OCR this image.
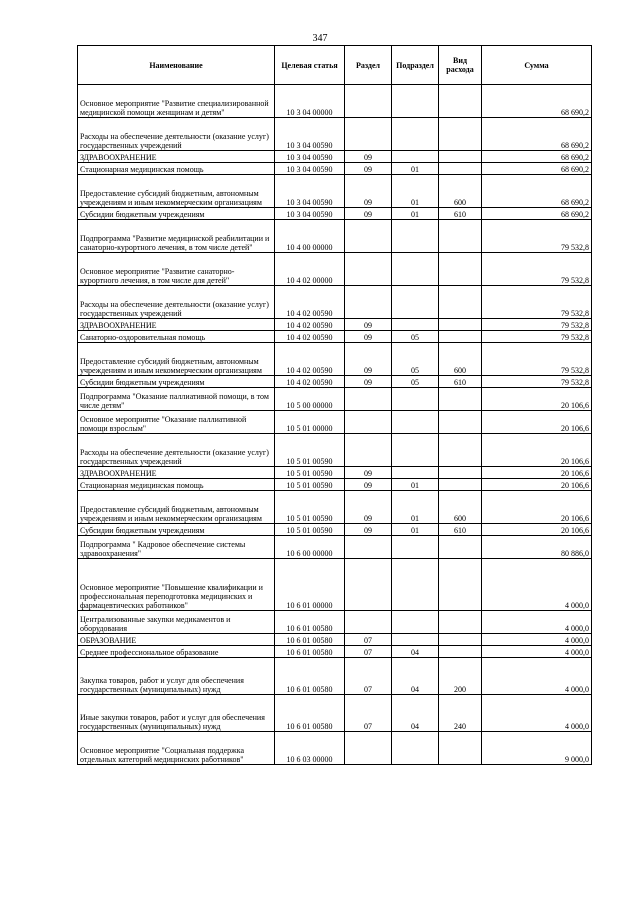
347
Наименование	Целевая статья	Раздел	Подраздел	Вид расхода	Сумма
Основное мероприятие "Развитие специализированной медицинской помощи женщинам и детям"	10 3 04 00000				68 690,2
Расходы на обеспечение деятельности (оказание услуг) государственных учреждений	10 3 04 00590				68 690,2
ЗДРАВООХРАНЕНИЕ	10 3 04 00590	09			68 690,2
Стационарная медицинская помощь	10 3 04 00590	09	01		68 690,2
Предоставление субсидий бюджетным, автономным учреждениям и иным некоммерческим организациям	10 3 04 00590	09	01	600	68 690,2
Субсидии бюджетным учреждениям	10 3 04 00590	09	01	610	68 690,2
Подпрограмма "Развитие медицинской реабилитации и санаторно-курортного лечения, в том числе детей"	10 4 00 00000				79 532,8
Основное мероприятие "Развитие санаторно-курортного лечения, в том числе для детей"	10 4 02 00000				79 532,8
Расходы на обеспечение деятельности (оказание услуг) государственных учреждений	10 4 02 00590				79 532,8
ЗДРАВООХРАНЕНИЕ	10 4 02 00590	09			79 532,8
Санаторно-оздоровительная помощь	10 4 02 00590	09	05		79 532,8
Предоставление субсидий бюджетным, автономным учреждениям и иным некоммерческим организациям	10 4 02 00590	09	05	600	79 532,8
Субсидии бюджетным учреждениям	10 4 02 00590	09	05	610	79 532,8
Подпрограмма "Оказание паллиативной помощи, в том числе детям"	10 5 00 00000				20 106,6
Основное мероприятие "Оказание паллиативной помощи взрослым"	10 5 01 00000				20 106,6
Расходы на обеспечение деятельности (оказание услуг) государственных учреждений	10 5 01 00590				20 106,6
ЗДРАВООХРАНЕНИЕ	10 5 01 00590	09			20 106,6
Стационарная медицинская помощь	10 5 01 00590	09	01		20 106,6
Предоставление субсидий бюджетным, автономным учреждениям и иным некоммерческим организациям	10 5 01 00590	09	01	600	20 106,6
Субсидии бюджетным учреждениям	10 5 01 00590	09	01	610	20 106,6
Подпрограмма " Кадровое обеспечение системы здравоохранения"	10 6 00 00000				80 886,0
Основное мероприятие "Повышение квалификации и профессиональная переподготовка медицинских и фармацевтических работников"	10 6 01 00000				4 000,0
Централизованные закупки медикаментов и оборудования	10 6 01 00580				4 000,0
ОБРАЗОВАНИЕ	10 6 01 00580	07			4 000,0
Среднее профессиональное образование	10 6 01 00580	07	04		4 000,0
Закупка товаров, работ и услуг для обеспечения государственных (муниципальных) нужд	10 6 01 00580	07	04	200	4 000,0
Иные закупки товаров, работ и услуг для обеспечения государственных (муниципальных) нужд	10 6 01 00580	07	04	240	4 000,0
Основное мероприятие "Социальная поддержка отдельных категорий медицинских работников"	10 6 03 00000				9 000,0
